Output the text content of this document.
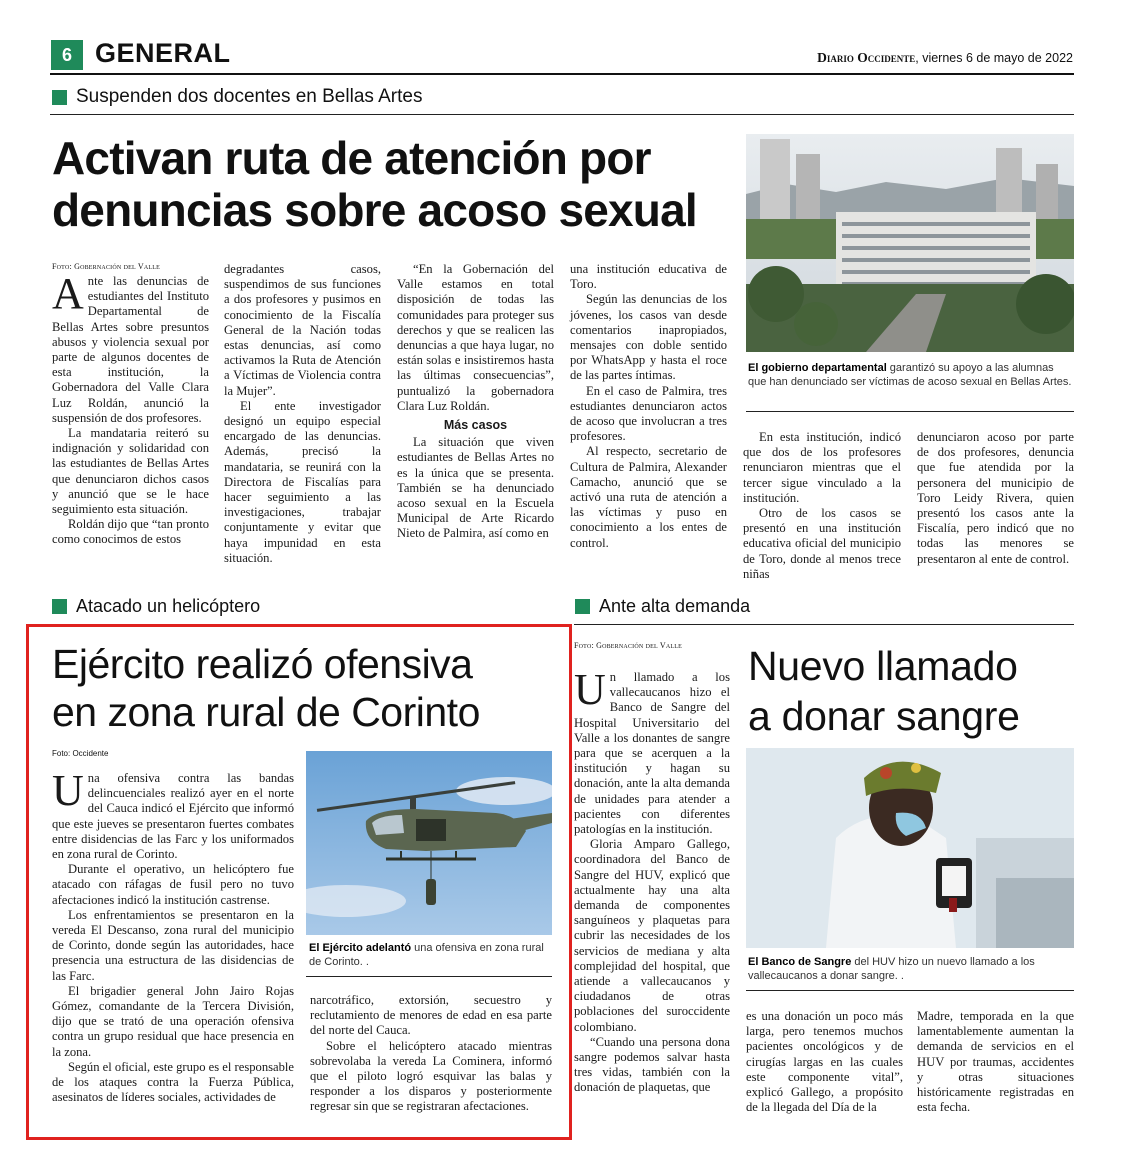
6 GENERAL	Diario Occidente, viernes 6 de mayo de 2022
Suspenden dos docentes en Bellas Artes
Activan ruta de atención por
denuncias sobre acoso sexual
Foto: Gobernación del Valle
El gobierno departamental garantizó su apoyo a las alumnas que han denunciado ser víctimas de acoso sexual en Bellas Artes.
A nte las denuncias de estudiantes del Instituto Departamental de Bellas Artes sobre presuntos abusos y violencia sexual por parte de algunos docentes de esta institución, la Gobernadora del Valle Clara Luz Roldán, anunció la suspensión de dos profesores.

La mandataria reiteró su indignación y solidaridad con las estudiantes de Bellas Artes que denunciaron dichos casos y anunció que se le hace seguimiento esta situación.

Roldán dijo que “tan pronto como conocimos de estos

degradantes casos, suspendimos de sus funciones a dos profesores y pusimos en conocimiento de la Fiscalía General de la Nación todas estas denuncias, así como activamos la Ruta de Atención a Víctimas de Violencia contra la Mujer”.

El ente investigador designó un equipo especial encargado de las denuncias. Además, precisó la mandataria, se reunirá con la Directora de Fiscalías para hacer seguimiento a las investigaciones, trabajar conjuntamente y evitar que haya impunidad en esta situación.

“En la Gobernación del Valle estamos en total disposición de todas las comunidades para proteger sus derechos y que se realicen las denuncias a que haya lugar, no están solas e insistiremos hasta las últimas consecuencias”, puntualizó la gobernadora Clara Luz Roldán.

Más casos

La situación que viven estudiantes de Bellas Artes no es la única que se presenta. También se ha denunciado acoso sexual en la Escuela Municipal de Arte Ricardo Nieto de Palmira, así como en

una institución educativa de Toro.

Según las denuncias de los jóvenes, los casos van desde comentarios inapropiados, mensajes con doble sentido por WhatsApp y hasta el roce de las partes íntimas.

En el caso de Palmira, tres estudiantes denunciaron actos de acoso que involucran a tres profesores.

Al respecto, secretario de Cultura de Palmira, Alexander Camacho, anunció que se activó una ruta de atención a las víctimas y puso en conocimiento a los entes de control.

En esta institución, indicó que dos de los profesores renunciaron mientras que el tercer sigue vinculado a la institución.

Otro de los casos se presentó en una institución educativa oficial del municipio de Toro, donde al menos trece niñas

denunciaron acoso por parte de dos profesores, denuncia que fue atendida por la personera del municipio de Toro Leidy Rivera, quien presentó los casos ante la Fiscalía, pero indicó que no todas las menores se presentaron al ente de control.

Atacado un helicóptero
Ejército realizó ofensiva
en zona rural de Corinto
Foto: Occidente
El Ejército adelantó una ofensiva en zona rural de Corinto. .
U na ofensiva contra las bandas delincuenciales realizó ayer en el norte del Cauca indicó el Ejército que informó que este jueves se presentaron fuertes combates entre disidencias de las Farc y los uniformados en zona rural de Corinto.

Durante el operativo, un helicóptero fue atacado con ráfagas de fusil pero no tuvo afectaciones indicó la institución castrense.

Los enfrentamientos se presentaron en la vereda El Descanso, zona rural del municipio de Corinto, donde según las autoridades, hace presencia una estructura de las disidencias de las Farc.

El brigadier general John Jairo Rojas Gómez, comandante de la Tercera División, dijo que se trató de una operación ofensiva contra un grupo residual que hace presencia en la zona.

Según el oficial, este grupo es el responsable de los ataques contra la Fuerza Pública, asesinatos de líderes sociales, actividades de

narcotráfico, extorsión, secuestro y reclutamiento de menores de edad en esa parte del norte del Cauca.

Sobre el helicóptero atacado mientras sobrevolaba la vereda La Cominera, informó que el piloto logró esquivar las balas y responder a los disparos y posteriormente regresar sin que se registraran afectaciones.

Ante alta demanda
Foto: Gobernación del Valle Nuevo llamado
a donar sangre
El Banco de Sangre del HUV hizo un nuevo llamado a los vallecaucanos a donar sangre. .
U n llamado a los vallecaucanos hizo el Banco de Sangre del Hospital Universitario del Valle a los donantes de sangre para que se acerquen a la institución y hagan su donación, ante la alta demanda de unidades para atender a pacientes con diferentes patologías en la institución.

Gloria Amparo Gallego, coordinadora del Banco de Sangre del HUV, explicó que actualmente hay una alta demanda de componentes sanguíneos y plaquetas para cubrir las necesidades de los servicios de mediana y alta complejidad del hospital, que atiende a vallecaucanos y ciudadanos de otras poblaciones del suroccidente colombiano.

“Cuando una persona dona sangre podemos salvar hasta tres vidas, también con la donación de plaquetas, que

es una donación un poco más larga, pero tenemos muchos pacientes oncológicos y de cirugías largas en las cuales este componente vital”, explicó Gallego, a propósito de la llegada del Día de la

Madre, temporada en la que lamentablemente aumentan la demanda de servicios en el HUV por traumas, accidentes y otras situaciones históricamente registradas en esta fecha.
